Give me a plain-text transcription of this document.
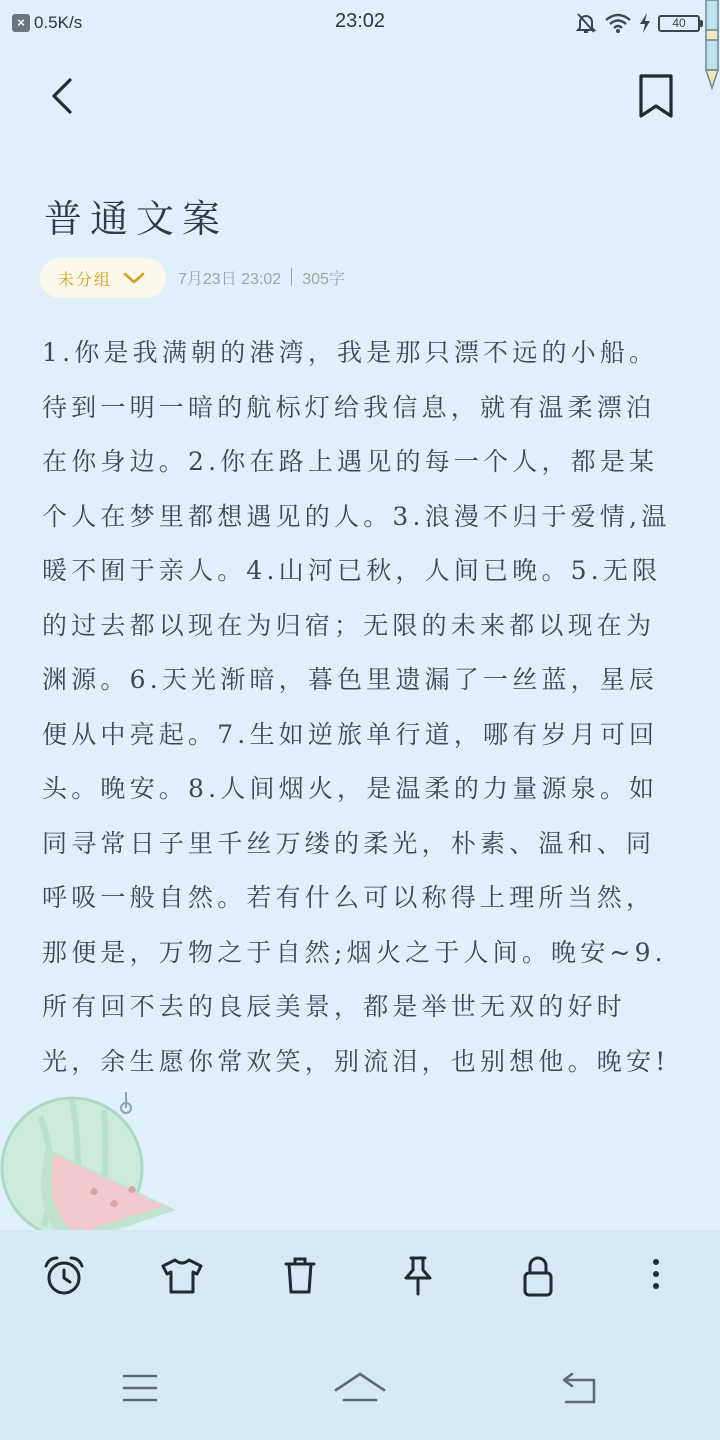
× 0.5K/s	23:02	40
普通文案
未分组	7月23日 23:02 305字
1.你是我满朝的港湾，我是那只漂不远的小船。待到一明一暗的航标灯给我信息，就有温柔漂泊在你身边。2.你在路上遇见的每一个人，都是某个人在梦里都想遇见的人。3.浪漫不归于爱情,温暖不囿于亲人。4.山河已秋，人间已晚。5.无限的过去都以现在为归宿；无限的未来都以现在为渊源。6.天光渐暗，暮色里遗漏了一丝蓝，星辰便从中亮起。7.生如逆旅单行道，哪有岁月可回头。晚安。8.人间烟火，是温柔的力量源泉。如同寻常日子里千丝万缕的柔光，朴素、温和、同呼吸一般自然。若有什么可以称得上理所当然，那便是，万物之于自然;烟火之于人间。晚安~9.所有回不去的良辰美景，都是举世无双的好时光，余生愿你常欢笑，别流泪，也别想他。晚安!
